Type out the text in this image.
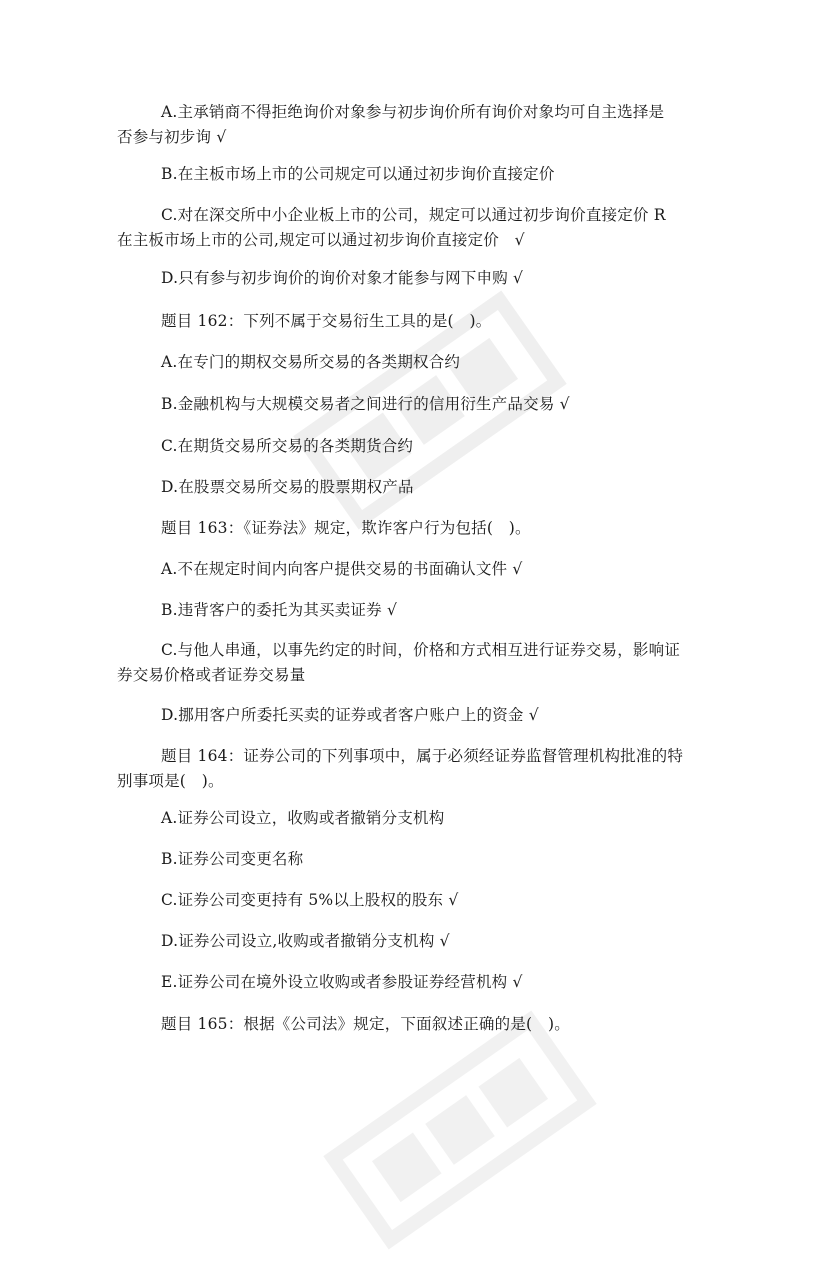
A.主承销商不得拒绝询价对象参与初步询价所有询价对象均可自主选择是
否参与初步询 √

B.在主板市场上市的公司规定可以通过初步询价直接定价

C.对在深交所中小企业板上市的公司，规定可以通过初步询价直接定价 R
在主板市场上市的公司,规定可以通过初步询价直接定价　√

D.只有参与初步询价的询价对象才能参与网下申购 √

题目 162：下列不属于交易衍生工具的是(　)。

A.在专门的期权交易所交易的各类期权合约

B.金融机构与大规模交易者之间进行的信用衍生产品交易 √

C.在期货交易所交易的各类期货合约

D.在股票交易所交易的股票期权产品

题目 163：《证券法》规定，欺诈客户行为包括(　)。

A.不在规定时间内向客户提供交易的书面确认文件 √

B.违背客户的委托为其买卖证券 √

C.与他人串通，以事先约定的时间，价格和方式相互进行证券交易，影响证
券交易价格或者证券交易量

D.挪用客户所委托买卖的证券或者客户账户上的资金 √

题目 164：证券公司的下列事项中，属于必须经证券监督管理机构批准的特
别事项是(　)。

A.证券公司设立，收购或者撤销分支机构

B.证券公司变更名称

C.证券公司变更持有 5%以上股权的股东 √

D.证券公司设立,收购或者撤销分支机构 √

E.证券公司在境外设立收购或者参股证券经营机构 √

题目 165：根据《公司法》规定，下面叙述正确的是(　)。
